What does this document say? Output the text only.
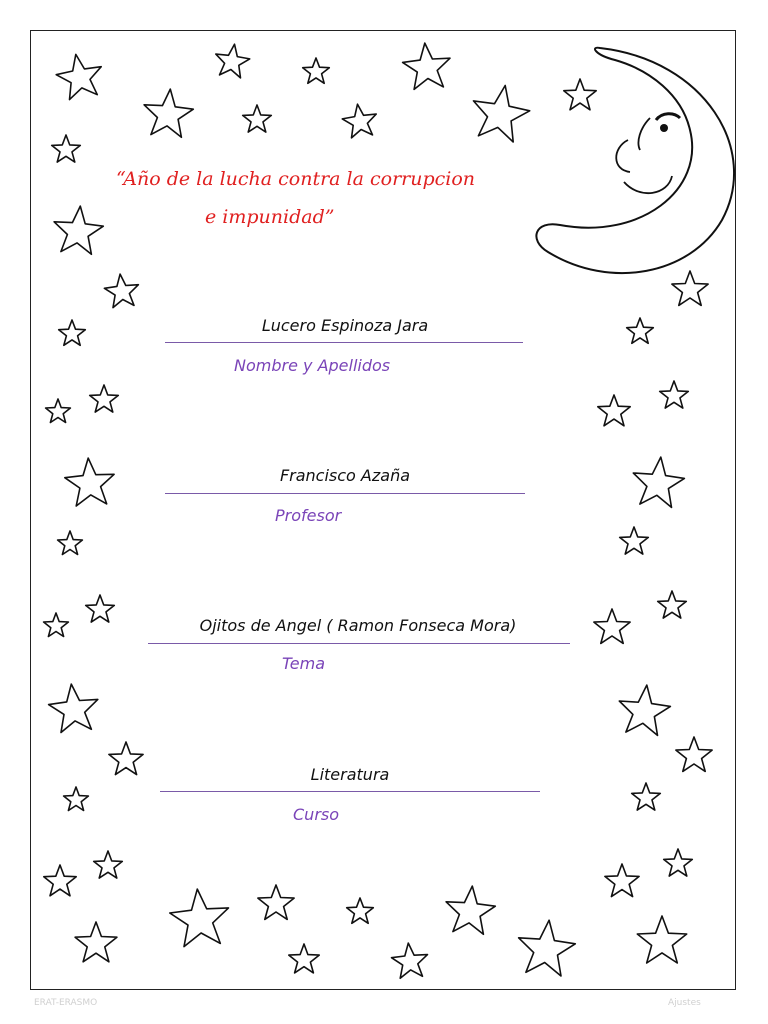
“Año de la lucha contra la corrupcion
e impunidad”
Lucero Espinoza Jara
Nombre y Apellidos
Francisco Azaña
Profesor
Ojitos de Angel ( Ramon Fonseca Mora)
Tema
Literatura
Curso
ERAT-ERASMO	Ajustes
